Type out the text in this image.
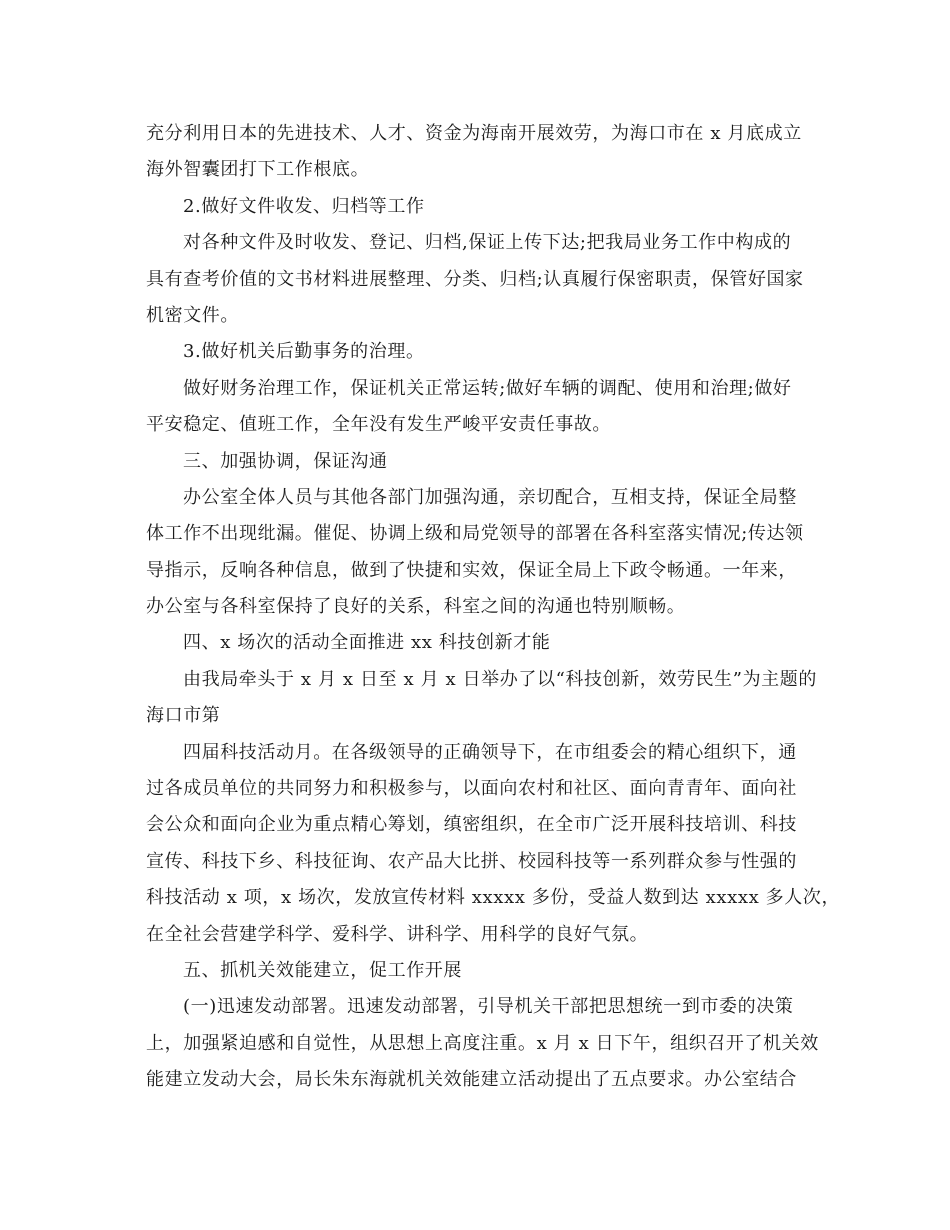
充分利用日本的先进技术、人才、资金为海南开展效劳，为海口市在 x 月底成立
海外智囊团打下工作根底。
2.做好文件收发、归档等工作
对各种文件及时收发、登记、归档,保证上传下达;把我局业务工作中构成的
具有查考价值的文书材料进展整理、分类、归档;认真履行保密职责，保管好国家
机密文件。
3.做好机关后勤事务的治理。
做好财务治理工作，保证机关正常运转;做好车辆的调配、使用和治理;做好
平安稳定、值班工作，全年没有发生严峻平安责任事故。
三、加强协调，保证沟通
办公室全体人员与其他各部门加强沟通，亲切配合，互相支持，保证全局整
体工作不出现纰漏。催促、协调上级和局党领导的部署在各科室落实情况;传达领
导指示，反响各种信息，做到了快捷和实效，保证全局上下政令畅通。一年来，
办公室与各科室保持了良好的关系，科室之间的沟通也特别顺畅。
四、x 场次的活动全面推进 xx 科技创新才能
由我局牵头于 x 月 x 日至 x 月 x 日举办了以“科技创新，效劳民生”为主题的
海口市第
四届科技活动月。在各级领导的正确领导下，在市组委会的精心组织下，通
过各成员单位的共同努力和积极参与，以面向农村和社区、面向青青年、面向社
会公众和面向企业为重点精心筹划，缜密组织，在全市广泛开展科技培训、科技
宣传、科技下乡、科技征询、农产品大比拼、校园科技等一系列群众参与性强的
科技活动 x 项，x 场次，发放宣传材料 xxxxx 多份，受益人数到达 xxxxx 多人次，
在全社会营建学科学、爱科学、讲科学、用科学的良好气氛。
五、抓机关效能建立，促工作开展
(一)迅速发动部署。迅速发动部署，引导机关干部把思想统一到市委的决策
上，加强紧迫感和自觉性，从思想上高度注重。x 月 x 日下午，组织召开了机关效
能建立发动大会，局长朱东海就机关效能建立活动提出了五点要求。办公室结合
